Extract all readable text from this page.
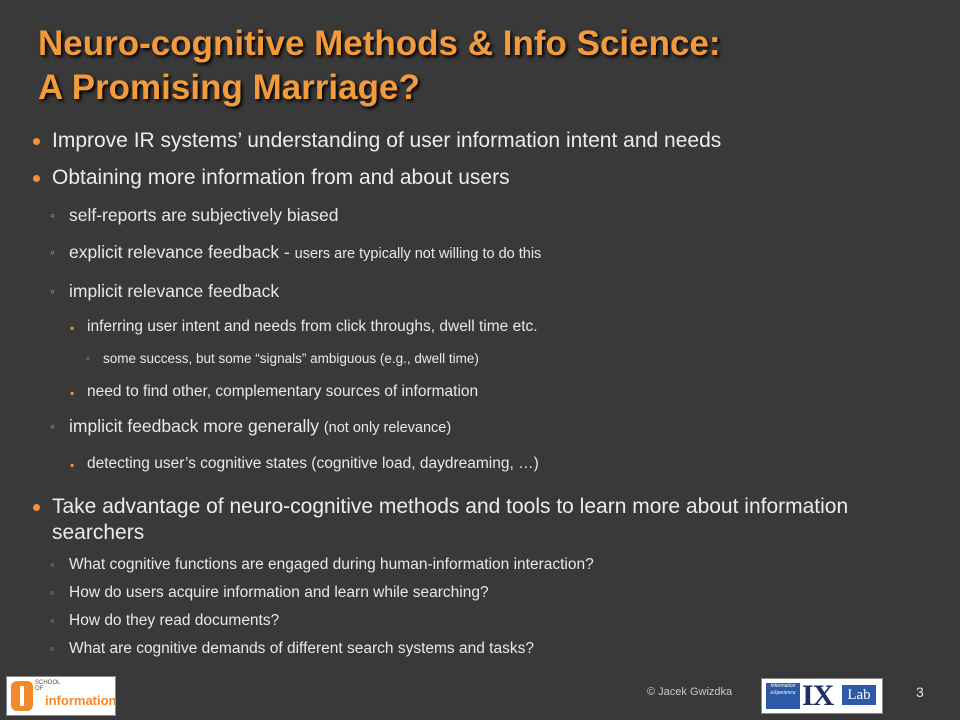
Neuro-cognitive Methods & Info Science:
A Promising Marriage?
Improve IR systems’ understanding of user information intent and needs
Obtaining more information from and about users
◦ self-reports are subjectively biased
◦ explicit relevance feedback - users are typically not willing to do this
◦ implicit relevance feedback
▪ inferring user intent and needs from click throughs, dwell time etc.
◦ some success, but some “signals” ambiguous (e.g., dwell time)
▪ need to find other, complementary sources of information
◦ implicit feedback more generally (not only relevance)
▪ detecting user’s cognitive states (cognitive load, daydreaming, …)
Take advantage of neuro-cognitive methods and tools to learn more about information searchers
◦ What cognitive functions are engaged during human-information interaction?
◦ How do users acquire information and learn while searching?
◦ How do they read documents?
◦ What are cognitive demands of different search systems and tasks?
SCHOOL OF
information
© Jacek Gwizdka	Information eXperience IX Lab	3
